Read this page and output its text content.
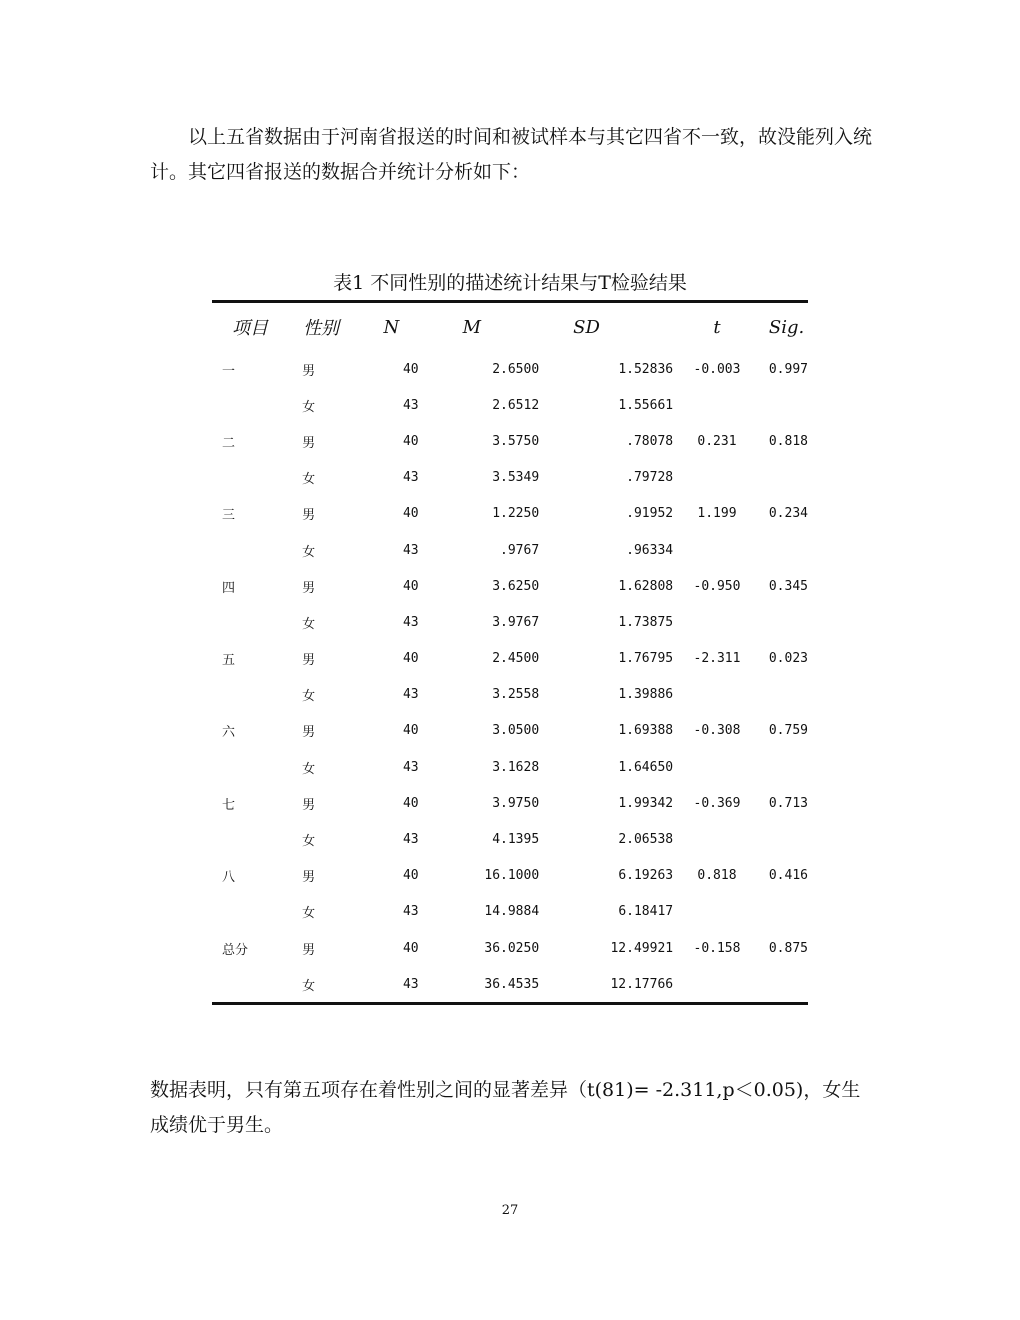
以上五省数据由于河南省报送的时间和被试样本与其它四省不一致，故没能列入统计。其它四省报送的数据合并统计分析如下：

表1 不同性别的描述统计结果与T检验结果
项目	性别	N	M	SD	t	Sig.
一	男	40	2.6500	1.52836	-0.003	0.997
	女	43	2.6512	1.55661		
二	男	40	3.5750	.78078	0.231	0.818
	女	43	3.5349	.79728		
三	男	40	1.2250	.91952	1.199	0.234
	女	43	.9767	.96334		
四	男	40	3.6250	1.62808	-0.950	0.345
	女	43	3.9767	1.73875		
五	男	40	2.4500	1.76795	-2.311	0.023
	女	43	3.2558	1.39886		
六	男	40	3.0500	1.69388	-0.308	0.759
	女	43	3.1628	1.64650		
七	男	40	3.9750	1.99342	-0.369	0.713
	女	43	4.1395	2.06538		
八	男	40	16.1000	6.19263	0.818	0.416
	女	43	14.9884	6.18417		
总分	男	40	36.0250	12.49921	-0.158	0.875
	女	43	36.4535	12.17766		

数据表明，只有第五项存在着性别之间的显著差异（t(81)= -2.311,p＜0.05)，女生成绩优于男生。

27
